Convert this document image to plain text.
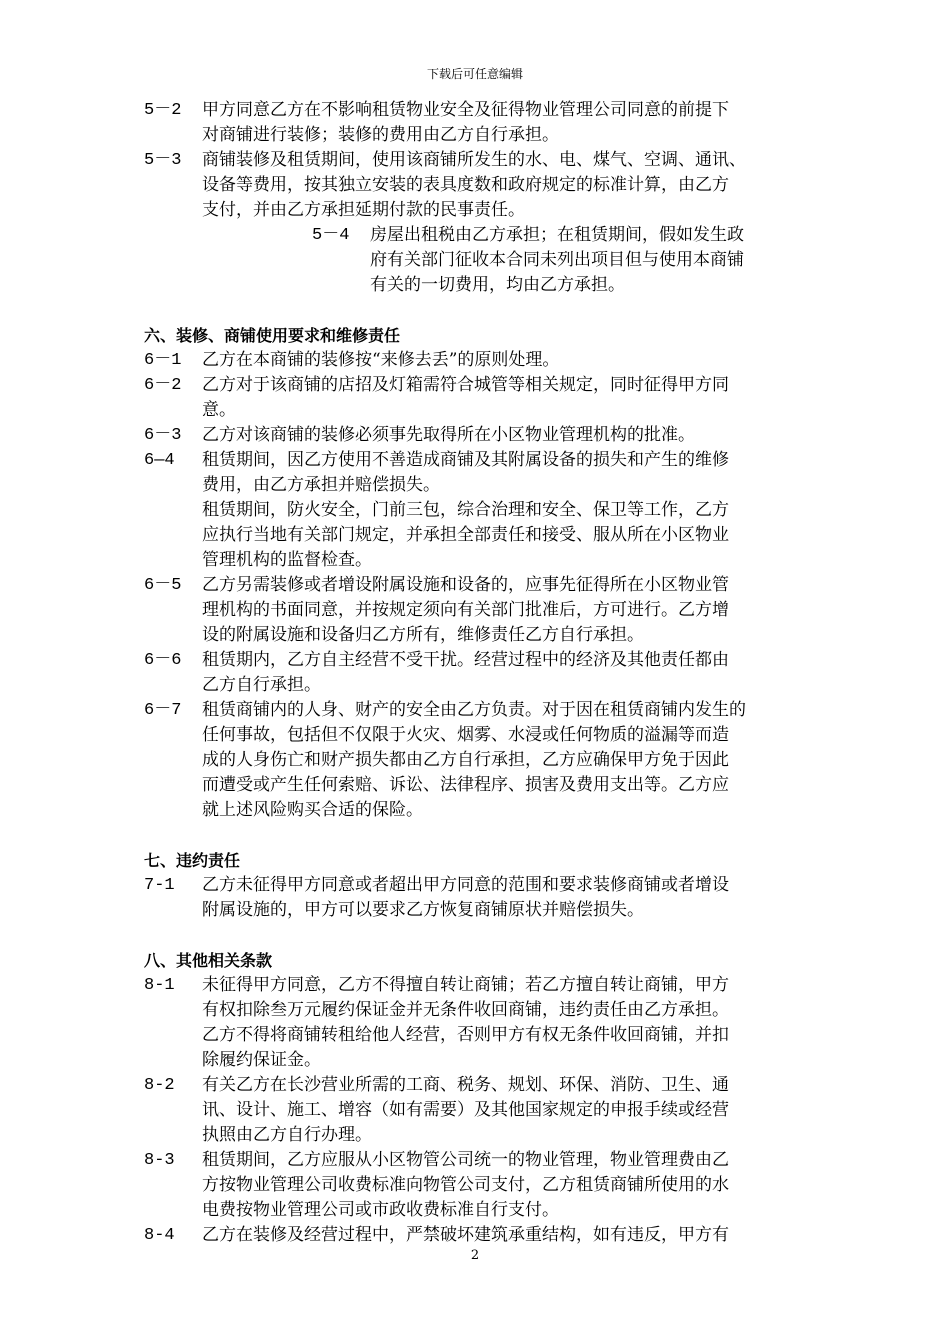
下载后可任意编辑
5－2	甲方同意乙方在不影响租赁物业安全及征得物业管理公司同意的前提下
对商铺进行装修；装修的费用由乙方自行承担。
5－3	商铺装修及租赁期间，使用该商铺所发生的水、电、煤气、空调、通讯、
设备等费用，按其独立安装的表具度数和政府规定的标准计算，由乙方
支付，并由乙方承担延期付款的民事责任。
5－4	房屋出租税由乙方承担；在租赁期间，假如发生政
府有关部门征收本合同未列出项目但与使用本商铺
有关的一切费用，均由乙方承担。
六、装修、商铺使用要求和维修责任
6－1	乙方在本商铺的装修按“来修去丢”的原则处理。
6－2	乙方对于该商铺的店招及灯箱需符合城管等相关规定，同时征得甲方同
意。
6－3	乙方对该商铺的装修必须事先取得所在小区物业管理机构的批准。
6—4	租赁期间，因乙方使用不善造成商铺及其附属设备的损失和产生的维修
费用，由乙方承担并赔偿损失。
租赁期间，防火安全，门前三包，综合治理和安全、保卫等工作，乙方
应执行当地有关部门规定，并承担全部责任和接受、服从所在小区物业
管理机构的监督检查。
6－5	乙方另需装修或者增设附属设施和设备的，应事先征得所在小区物业管
理机构的书面同意，并按规定须向有关部门批准后，方可进行。乙方增
设的附属设施和设备归乙方所有，维修责任乙方自行承担。
6－6	租赁期内，乙方自主经营不受干扰。经营过程中的经济及其他责任都由
乙方自行承担。
6－7	租赁商铺内的人身、财产的安全由乙方负责。对于因在租赁商铺内发生的
任何事故，包括但不仅限于火灾、烟雾、水浸或任何物质的溢漏等而造
成的人身伤亡和财产损失都由乙方自行承担，乙方应确保甲方免于因此
而遭受或产生任何索赔、诉讼、法律程序、损害及费用支出等。乙方应
就上述风险购买合适的保险。
七、违约责任
7-1	乙方未征得甲方同意或者超出甲方同意的范围和要求装修商铺或者增设
附属设施的，甲方可以要求乙方恢复商铺原状并赔偿损失。
八、其他相关条款
8-1	未征得甲方同意，乙方不得擅自转让商铺；若乙方擅自转让商铺，甲方
有权扣除叁万元履约保证金并无条件收回商铺，违约责任由乙方承担。
乙方不得将商铺转租给他人经营，否则甲方有权无条件收回商铺，并扣
除履约保证金。
8-2	有关乙方在长沙营业所需的工商、税务、规划、环保、消防、卫生、通
讯、设计、施工、增容（如有需要）及其他国家规定的申报手续或经营
执照由乙方自行办理。
8-3	租赁期间，乙方应服从小区物管公司统一的物业管理，物业管理费由乙
方按物业管理公司收费标准向物管公司支付，乙方租赁商铺所使用的水
电费按物业管理公司或市政收费标准自行支付。
8-4	乙方在装修及经营过程中，严禁破坏建筑承重结构，如有违反，甲方有
2
